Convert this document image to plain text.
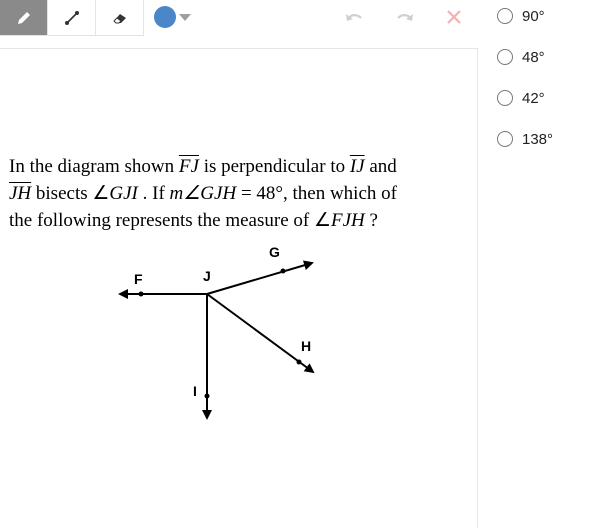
In the diagram shown $\overline{FJ}$ is perpendicular to $\overline{IJ}$ and
$\overline{JH}$ bisects ∠GJI . If m∠GJH = 48°, then which of
the following represents the measure of ∠FJH ?
F	J
G
H
I
90°
48°
42°
138°
